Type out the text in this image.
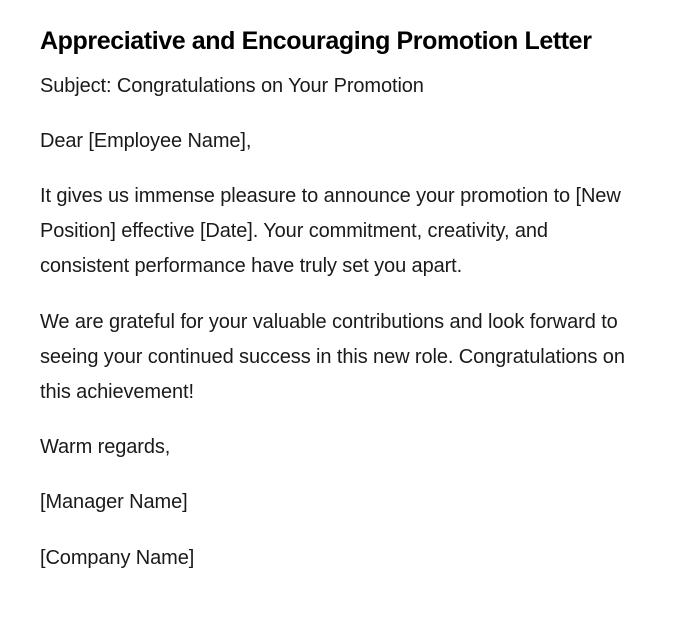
Appreciative and Encouraging Promotion Letter

Subject: Congratulations on Your Promotion

Dear [Employee Name],

It gives us immense pleasure to announce your promotion to [New Position] effective [Date]. Your commitment, creativity, and consistent performance have truly set you apart.

We are grateful for your valuable contributions and look forward to seeing your continued success in this new role. Congratulations on this achievement!

Warm regards,

[Manager Name]

[Company Name]
